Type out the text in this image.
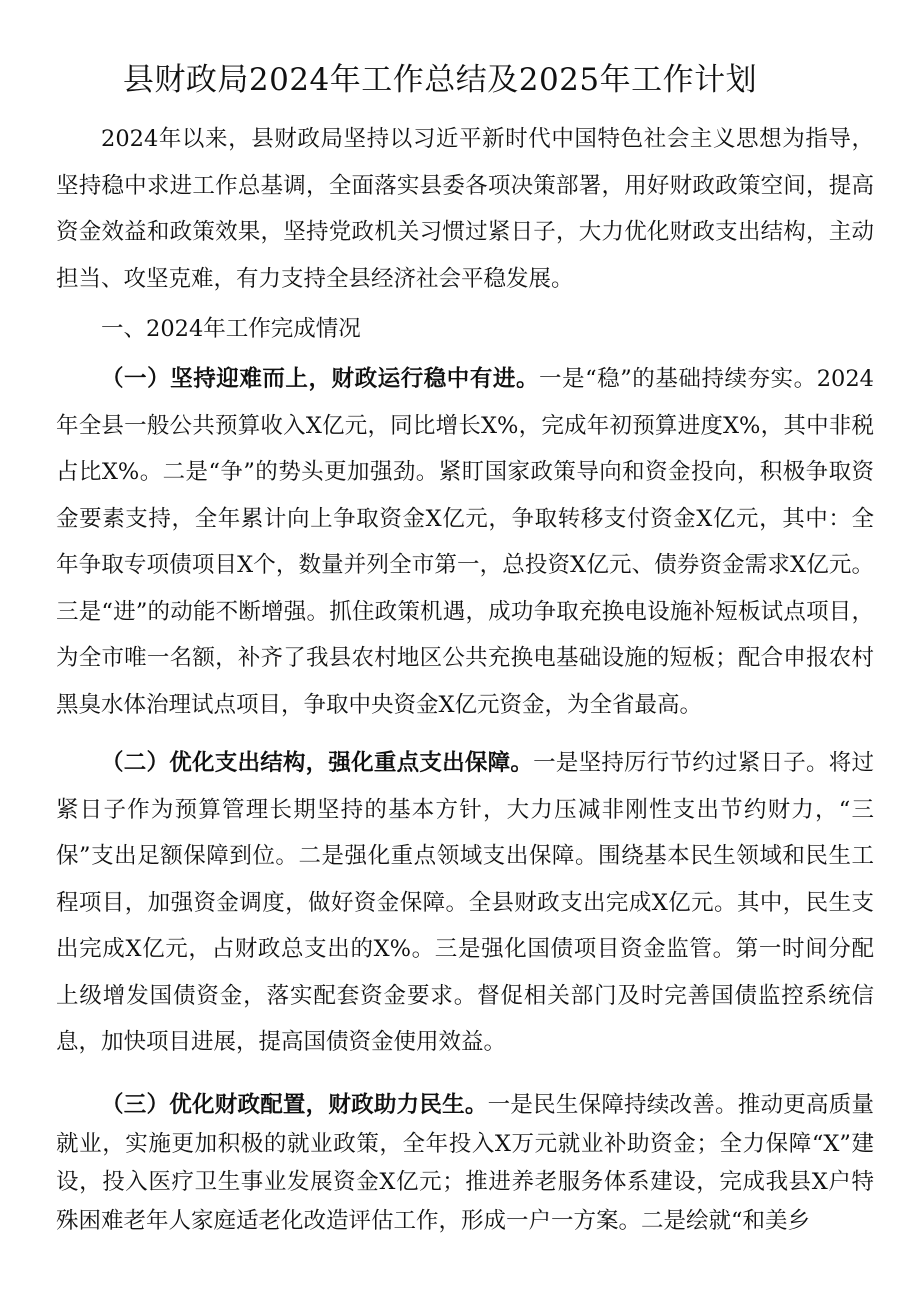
县财政局2024年工作总结及2025年工作计划

2024年以来，县财政局坚持以习近平新时代中国特色社会主义思想为指导，坚持稳中求进工作总基调，全面落实县委各项决策部署，用好财政政策空间，提高资金效益和政策效果，坚持党政机关习惯过紧日子，大力优化财政支出结构，主动担当、攻坚克难，有力支持全县经济社会平稳发展。

一、2024年工作完成情况

（一）坚持迎难而上，财政运行稳中有进。一是“稳”的基础持续夯实。2024年全县一般公共预算收入X亿元，同比增长X%，完成年初预算进度X%，其中非税占比X%。二是“争”的势头更加强劲。紧盯国家政策导向和资金投向，积极争取资金要素支持，全年累计向上争取资金X亿元，争取转移支付资金X亿元，其中：全年争取专项债项目X个，数量并列全市第一，总投资X亿元、债券资金需求X亿元。三是“进”的动能不断增强。抓住政策机遇，成功争取充换电设施补短板试点项目，为全市唯一名额，补齐了我县农村地区公共充换电基础设施的短板；配合申报农村黑臭水体治理试点项目，争取中央资金X亿元资金，为全省最高。

（二）优化支出结构，强化重点支出保障。一是坚持厉行节约过紧日子。将过紧日子作为预算管理长期坚持的基本方针，大力压减非刚性支出节约财力，“三保”支出足额保障到位。二是强化重点领域支出保障。围绕基本民生领域和民生工程项目，加强资金调度，做好资金保障。全县财政支出完成X亿元。其中，民生支出完成X亿元，占财政总支出的X%。三是强化国债项目资金监管。第一时间分配上级增发国债资金，落实配套资金要求。督促相关部门及时完善国债监控系统信息，加快项目进展，提高国债资金使用效益。

（三）优化财政配置，财政助力民生。一是民生保障持续改善。推动更高质量就业，实施更加积极的就业政策，全年投入X万元就业补助资金；全力保障“X”建设，投入医疗卫生事业发展资金X亿元；推进养老服务体系建设，完成我县X户特殊困难老年人家庭适老化改造评估工作，形成一户一方案。二是绘就“和美乡
